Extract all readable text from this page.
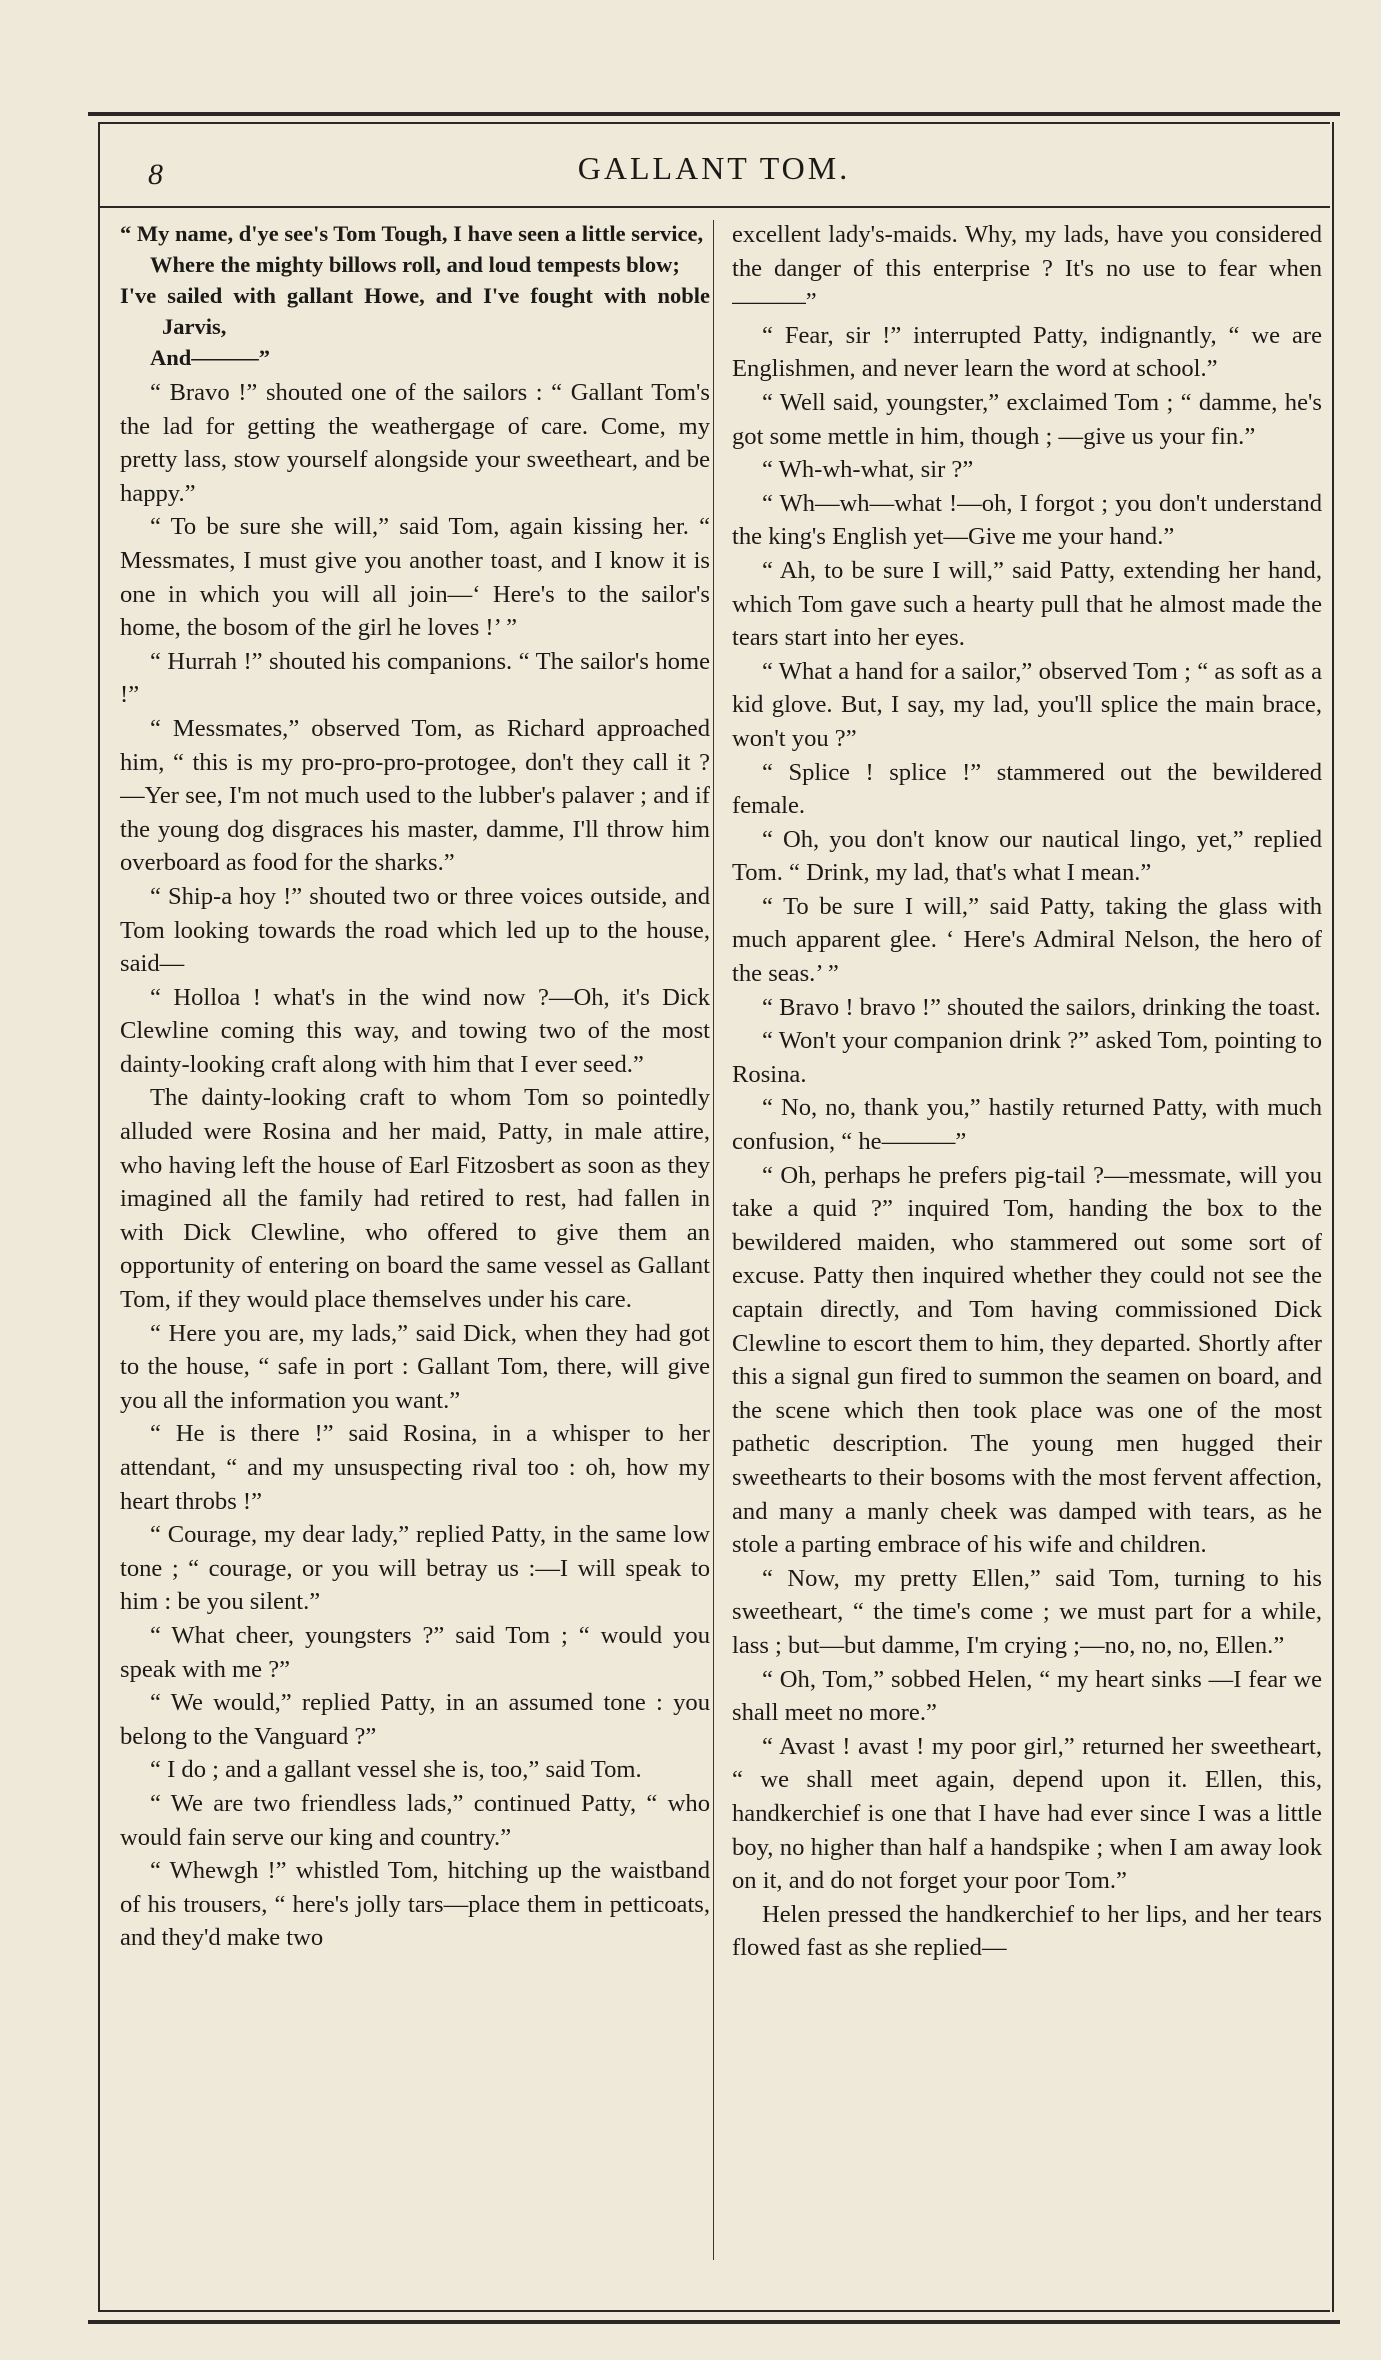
8	GALLANT TOM.

“ My name, d'ye see's Tom Tough, I have seen a little service,

Where the mighty billows roll, and loud tempests blow;

I've sailed with gallant Howe, and I've fought with noble Jarvis,

And———”

“ Bravo !” shouted one of the sailors : “ Gallant Tom's the lad for getting the weathergage of care. Come, my pretty lass, stow yourself alongside your sweetheart, and be happy.”

“ To be sure she will,” said Tom, again kissing her. “ Messmates, I must give you another toast, and I know it is one in which you will all join—‘ Here's to the sailor's home, the bosom of the girl he loves !’ ”

“ Hurrah !” shouted his companions. “ The sailor's home !”

“ Messmates,” observed Tom, as Richard approached him, “ this is my pro-pro-pro-protogee, don't they call it ?—Yer see, I'm not much used to the lubber's palaver ; and if the young dog disgraces his master, damme, I'll throw him overboard as food for the sharks.”

“ Ship-a hoy !” shouted two or three voices outside, and Tom looking towards the road which led up to the house, said—

“ Holloa ! what's in the wind now ?—Oh, it's Dick Clewline coming this way, and towing two of the most dainty-looking craft along with him that I ever seed.”

The dainty-looking craft to whom Tom so pointedly alluded were Rosina and her maid, Patty, in male attire, who having left the house of Earl Fitzosbert as soon as they imagined all the family had retired to rest, had fallen in with Dick Clewline, who offered to give them an opportunity of entering on board the same vessel as Gallant Tom, if they would place themselves under his care.

“ Here you are, my lads,” said Dick, when they had got to the house, “ safe in port : Gallant Tom, there, will give you all the information you want.”

“ He is there !” said Rosina, in a whisper to her attendant, “ and my unsuspecting rival too : oh, how my heart throbs !”

“ Courage, my dear lady,” replied Patty, in the same low tone ; “ courage, or you will betray us :—I will speak to him : be you silent.”

“ What cheer, youngsters ?” said Tom ; “ would you speak with me ?”

“ We would,” replied Patty, in an assumed tone : you belong to the Vanguard ?”

“ I do ; and a gallant vessel she is, too,” said Tom.

“ We are two friendless lads,” continued Patty, “ who would fain serve our king and country.”

“ Whewgh !” whistled Tom, hitching up the waistband of his trousers, “ here's jolly tars—place them in petticoats, and they'd make two

excellent lady's-maids. Why, my lads, have you considered the danger of this enterprise ? It's no use to fear when———”

“ Fear, sir !” interrupted Patty, indignantly, “ we are Englishmen, and never learn the word at school.”

“ Well said, youngster,” exclaimed Tom ; “ damme, he's got some mettle in him, though ; —give us your fin.”

“ Wh-wh-what, sir ?”

“ Wh—wh—what !—oh, I forgot ; you don't understand the king's English yet—Give me your hand.”

“ Ah, to be sure I will,” said Patty, extending her hand, which Tom gave such a hearty pull that he almost made the tears start into her eyes.

“ What a hand for a sailor,” observed Tom ; “ as soft as a kid glove. But, I say, my lad, you'll splice the main brace, won't you ?”

“ Splice ! splice !” stammered out the bewildered female.

“ Oh, you don't know our nautical lingo, yet,” replied Tom. “ Drink, my lad, that's what I mean.”

“ To be sure I will,” said Patty, taking the glass with much apparent glee. ‘ Here's Admiral Nelson, the hero of the seas.’ ”

“ Bravo ! bravo !” shouted the sailors, drinking the toast.

“ Won't your companion drink ?” asked Tom, pointing to Rosina.

“ No, no, thank you,” hastily returned Patty, with much confusion, “ he———”

“ Oh, perhaps he prefers pig-tail ?—messmate, will you take a quid ?” inquired Tom, handing the box to the bewildered maiden, who stammered out some sort of excuse. Patty then inquired whether they could not see the captain directly, and Tom having commissioned Dick Clewline to escort them to him, they departed. Shortly after this a signal gun fired to summon the seamen on board, and the scene which then took place was one of the most pathetic description. The young men hugged their sweethearts to their bosoms with the most fervent affection, and many a manly cheek was damped with tears, as he stole a parting embrace of his wife and children.

“ Now, my pretty Ellen,” said Tom, turning to his sweetheart, “ the time's come ; we must part for a while, lass ; but—but damme, I'm crying ;—no, no, no, Ellen.”

“ Oh, Tom,” sobbed Helen, “ my heart sinks —I fear we shall meet no more.”

“ Avast ! avast ! my poor girl,” returned her sweetheart, “ we shall meet again, depend upon it. Ellen, this, handkerchief is one that I have had ever since I was a little boy, no higher than half a handspike ; when I am away look on it, and do not forget your poor Tom.”

Helen pressed the handkerchief to her lips, and her tears flowed fast as she replied—
